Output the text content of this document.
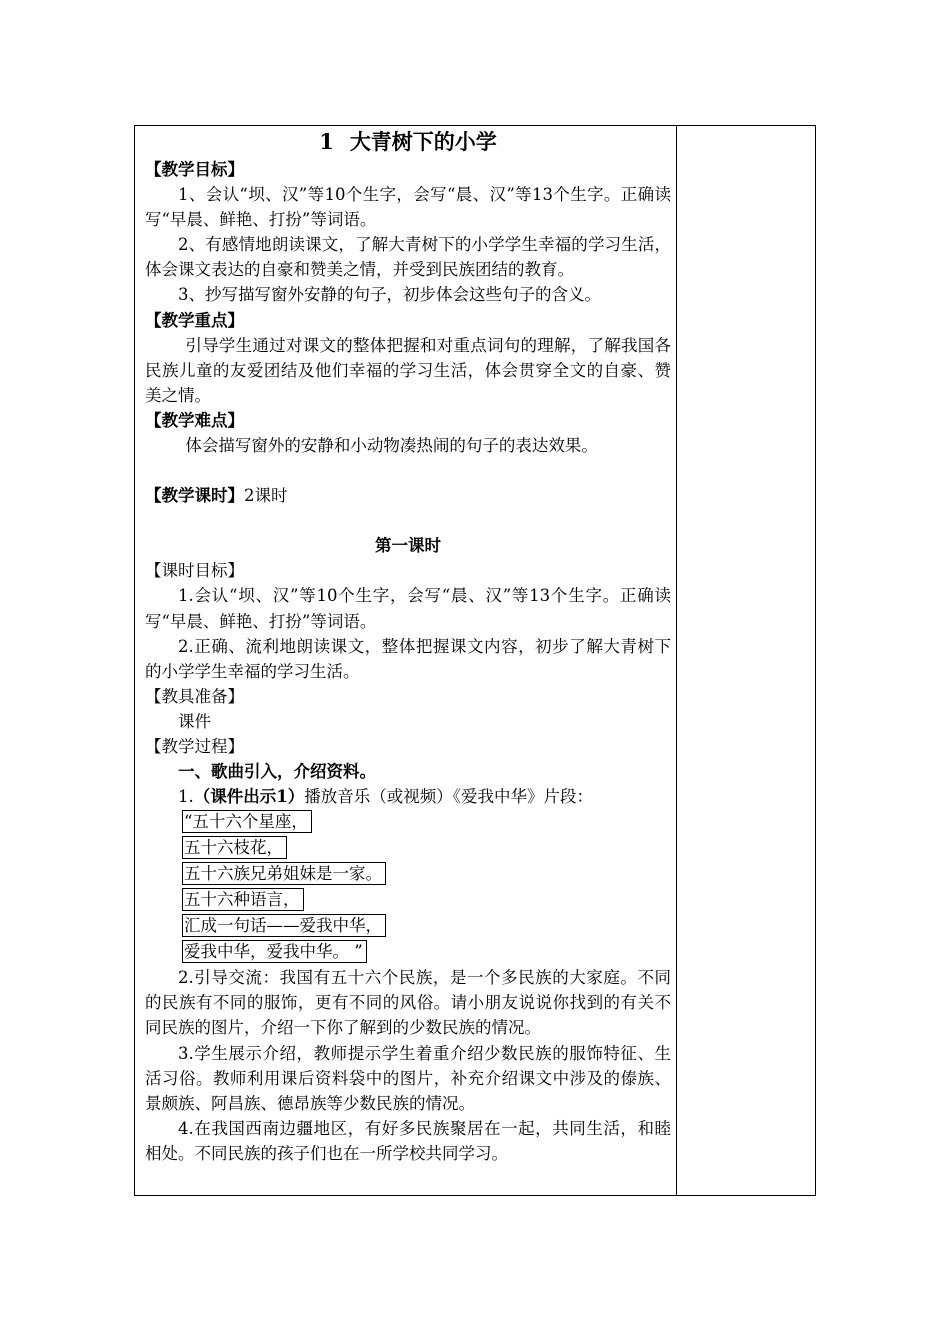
1 大青树下的小学
【教学目标】
1、会认“坝、汉”等10个生字，会写“晨、汉”等13个生字。正确读写“早晨、鲜艳、打扮”等词语。
2、有感情地朗读课文，了解大青树下的小学学生幸福的学习生活，体会课文表达的自豪和赞美之情，并受到民族团结的教育。
3、抄写描写窗外安静的句子，初步体会这些句子的含义。
【教学重点】
引导学生通过对课文的整体把握和对重点词句的理解，了解我国各民族儿童的友爱团结及他们幸福的学习生活，体会贯穿全文的自豪、赞美之情。
【教学难点】
体会描写窗外的安静和小动物凑热闹的句子的表达效果。
【教学课时】2课时
第一课时
【课时目标】
1.会认“坝、汉”等10个生字，会写“晨、汉”等13个生字。正确读写“早晨、鲜艳、打扮”等词语。
2.正确、流利地朗读课文，整体把握课文内容，初步了解大青树下的小学学生幸福的学习生活。
【教具准备】
课件
【教学过程】
一、歌曲引入，介绍资料。
1.（课件出示1）播放音乐（或视频）《爱我中华》片段：
“五十六个星座，
五十六枝花，
五十六族兄弟姐妹是一家。
五十六种语言，
汇成一句话——爱我中华，
爱我中华，爱我中华。 ”
2.引导交流：我国有五十六个民族，是一个多民族的大家庭。不同的民族有不同的服饰，更有不同的风俗。请小朋友说说你找到的有关不同民族的图片，介绍一下你了解到的少数民族的情况。
3.学生展示介绍，教师提示学生着重介绍少数民族的服饰特征、生活习俗。教师利用课后资料袋中的图片，补充介绍课文中涉及的傣族、景颇族、阿昌族、德昂族等少数民族的情况。
4.在我国西南边疆地区，有好多民族聚居在一起，共同生活，和睦相处。不同民族的孩子们也在一所学校共同学习。
